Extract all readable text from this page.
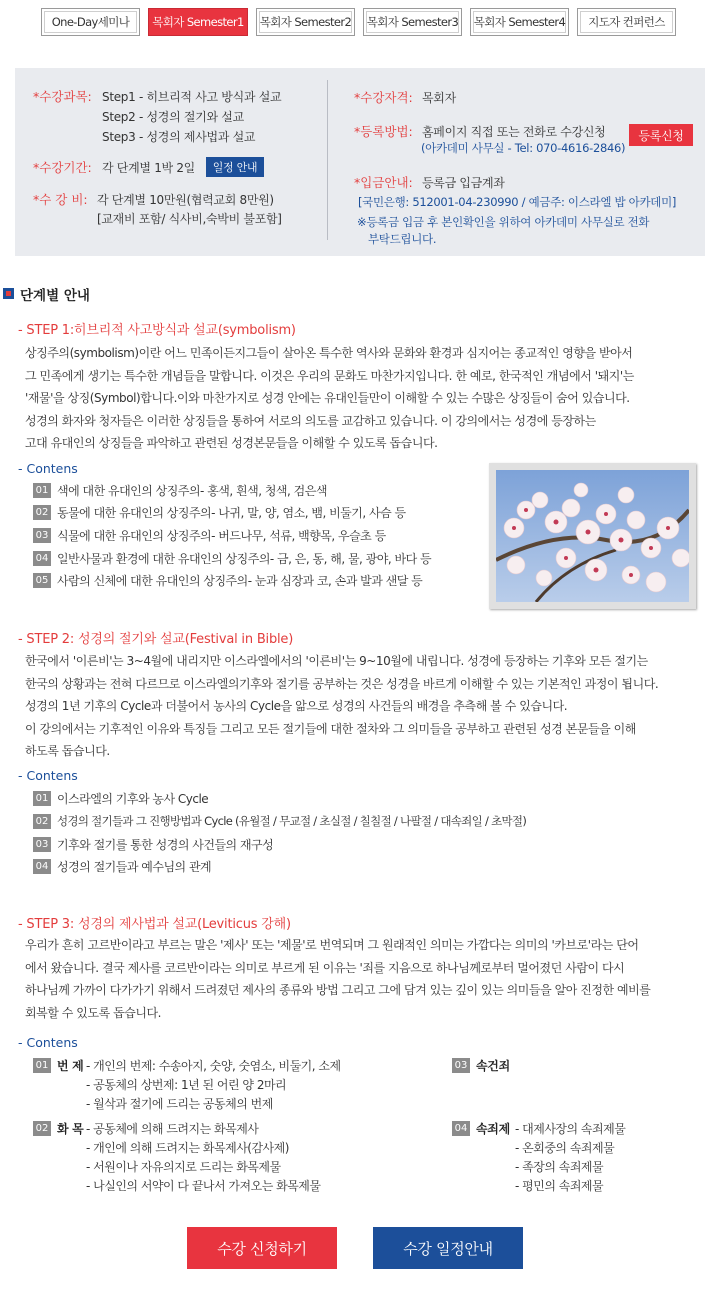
One-Day세미나	목회자 Semester1	목회자 Semester2	목회자 Semester3	목회자 Semester4	지도자 컨퍼런스
*수강과목: Step1 - 히브리적 사고 방식과 설교
Step2 - 성경의 절기와 설교
Step3 - 성경의 제사법과 설교
*수강기간: 각 단계별 1박 2일	일정 안내
*수 강 비: 각 단계별 10만원(협력교회 8만원)
[교재비 포함/ 식사비,숙박비 불포함]
*수강자격: 목회자
*등록방법: 홈페이지 직접 또는 전화로 수강신청
(아카데미 사무실 - Tel: 070-4616-2846)
등록신청
*입금안내: 등록금 입금계좌
[국민은행: 512001-04-230990 / 예금주: 이스라엘 밥 아카데미]
※등록금 입금 후 본인확인을 위하여 아카데미 사무실로 전화
부탁드립니다.
단계별 안내
- STEP 1:히브리적 사고방식과 설교(symbolism)
상징주의(symbolism)이란 어느 민족이든지그들이 살아온 특수한 역사와 문화와 환경과 심지어는 종교적인 영향을 받아서
그 민족에게 생기는 특수한 개념들을 말합니다. 이것은 우리의 문화도 마찬가지입니다. 한 예로, 한국적인 개념에서 '돼지'는
'재물'을 상징(Symbol)합니다.이와 마찬가지로 성경 안에는 유대인들만이 이해할 수 있는 수많은 상징들이 숨어 있습니다.
성경의 화자와 청자들은 이러한 상징들을 통하여 서로의 의도를 교감하고 있습니다. 이 강의에서는 성경에 등장하는
고대 유대인의 상징들을 파악하고 관련된 성경본문들을 이해할 수 있도록 돕습니다.
- Contens
01 색에 대한 유대인의 상징주의- 홍색, 흰색, 청색, 검은색
02 동물에 대한 유대인의 상징주의- 나귀, 말, 양, 염소, 뱀, 비둘기, 사슴 등
03 식물에 대한 유대인의 상징주의- 버드나무, 석류, 백향목, 우슬초 등
04 일반사물과 환경에 대한 유대인의 상징주의- 금, 은, 동, 해, 물, 광야, 바다 등
05 사람의 신체에 대한 유대인의 상징주의- 눈과 심장과 코, 손과 발과 샌달 등
- STEP 2: 성경의 절기와 설교(Festival in Bible)
한국에서 '이른비'는 3~4월에 내리지만 이스라엘에서의 '이른비'는 9~10월에 내립니다. 성경에 등장하는 기후와 모든 절기는
한국의 상황과는 전혀 다르므로 이스라엘의기후와 절기를 공부하는 것은 성경을 바르게 이해할 수 있는 기본적인 과정이 됩니다.
성경의 1년 기후의 Cycle과 더불어서 농사의 Cycle을 앎으로 성경의 사건들의 배경을 추측해 볼 수 있습니다.
이 강의에서는 기후적인 이유와 특징들 그리고 모든 절기들에 대한 절차와 그 의미들을 공부하고 관련된 성경 본문들을 이해
하도록 돕습니다.
- Contens
01 이스라엘의 기후와 농사 Cycle
02 성경의 절기들과 그 진행방법과 Cycle (유월절 / 무교절 / 초실절 / 칠칠절 / 나팔절 / 대속죄일 / 초막절)
03 기후와 절기를 통한 성경의 사건들의 재구성
04 성경의 절기들과 예수님의 관계
- STEP 3: 성경의 제사법과 설교(Leviticus 강해)
우리가 흔히 고르반이라고 부르는 말은 '제사' 또는 '제물'로 번역되며 그 원래적인 의미는 가깝다는 의미의 '카브로'라는 단어
에서 왔습니다. 결국 제사를 코르반이라는 의미로 부르게 된 이유는 '죄를 지음으로 하나님께로부터 멀어졌던 사람이 다시
하나님께 가까이 다가가기 위해서 드려졌던 제사의 종류와 방법 그리고 그에 담겨 있는 깊이 있는 의미들을 알아 진정한 예비를
회복할 수 있도록 돕습니다.
- Contens
01 번 제 - 개인의 번제: 수송아지, 숫양, 숫염소, 비둘기, 소제
- 공동체의 상번제: 1년 된 어린 양 2마리
- 월삭과 절기에 드리는 공동체의 번제
02 화 목 - 공동체에 의해 드려지는 화목제사
- 개인에 의해 드려지는 화목제사(감사제)
- 서원이나 자유의지로 드리는 화목제물
- 나실인의 서약이 다 끝나서 가져오는 화목제물
03 속건죄
04 속죄제 - 대제사장의 속죄제물
- 온회중의 속죄제물
- 족장의 속죄제물
- 평민의 속죄제물
수강 신청하기	수강 일정안내
